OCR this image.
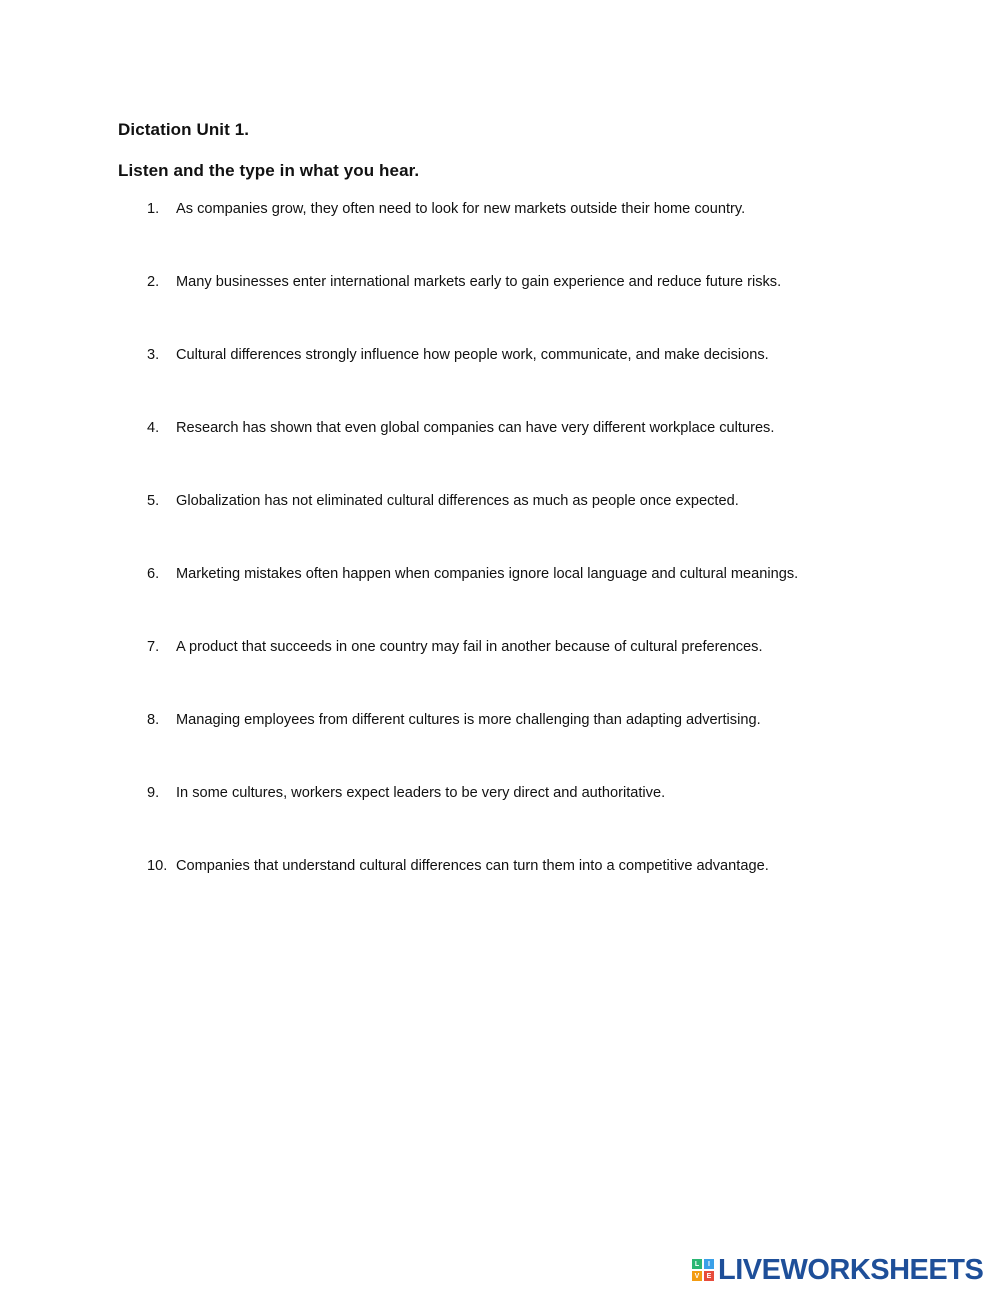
Dictation Unit 1.
Listen and the type in what you hear.
1. As companies grow, they often need to look for new markets outside their home country.
2. Many businesses enter international markets early to gain experience and reduce future risks.
3. Cultural differences strongly influence how people work, communicate, and make decisions.
4. Research has shown that even global companies can have very different workplace cultures.
5. Globalization has not eliminated cultural differences as much as people once expected.
6. Marketing mistakes often happen when companies ignore local language and cultural meanings.
7. A product that succeeds in one country may fail in another because of cultural preferences.
8. Managing employees from different cultures is more challenging than adapting advertising.
9. In some cultures, workers expect leaders to be very direct and authoritative.
10. Companies that understand cultural differences can turn them into a competitive advantage.
L	I
V	E LIVEWORKSHEETS
